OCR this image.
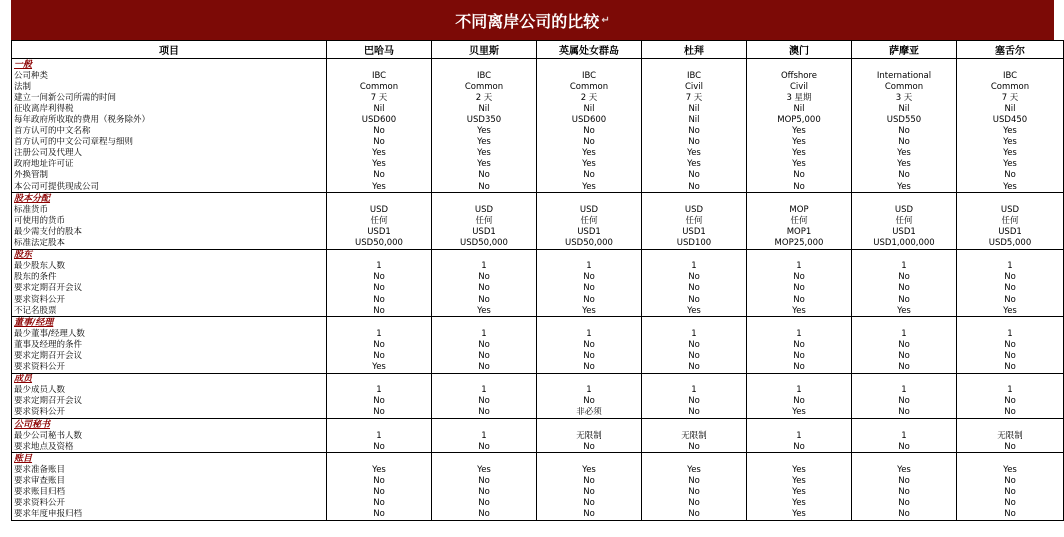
不同离岸公司的比较 ↵
项目	巴哈马	贝里斯	英属处女群岛	杜拜	澳门	萨摩亚	塞舌尔
一般							
公司种类	IBC	IBC	IBC	IBC	Offshore	International	IBC
法制	Common	Common	Common	Civil	Civil	Common	Common
建立一间新公司所需的时间	7 天	2 天	2 天	7 天	3 星期	3 天	7 天
征收离岸利得税	Nil	Nil	Nil	Nil	Nil	Nil	Nil
每年政府所收取的费用（税务除外）	USD600	USD350	USD600	Nil	MOP5,000	USD550	USD450
首方认可的中文名称	No	Yes	No	No	Yes	No	Yes
首方认可的中文公司章程与细则	No	Yes	No	No	Yes	No	Yes
注册公司及代理人	Yes	Yes	Yes	Yes	Yes	Yes	Yes
政府地址许可证	Yes	Yes	Yes	Yes	Yes	Yes	Yes
外换管制	No	No	No	No	No	No	No
本公司可提供现成公司	Yes	No	Yes	No	No	Yes	Yes
股本分配							
标准货币	USD	USD	USD	USD	MOP	USD	USD
可使用的货币	任何	任何	任何	任何	任何	任何	任何
最少需支付的股本	USD1	USD1	USD1	USD1	MOP1	USD1	USD1
标准法定股本	USD50,000	USD50,000	USD50,000	USD100	MOP25,000	USD1,000,000	USD5,000
股东							
最少股东人数	1	1	1	1	1	1	1
股东的条件	No	No	No	No	No	No	No
要求定期召开会议	No	No	No	No	No	No	No
要求资料公开	No	No	No	No	No	No	No
不记名股票	No	Yes	Yes	Yes	Yes	Yes	Yes
董事/经理							
最少董事/经理人数	1	1	1	1	1	1	1
董事及经理的条件	No	No	No	No	No	No	No
要求定期召开会议	No	No	No	No	No	No	No
要求资料公开	Yes	No	No	No	No	No	No
成员							
最少成员人数	1	1	1	1	1	1	1
要求定期召开会议	No	No	No	No	No	No	No
要求资料公开	No	No	非必须	No	Yes	No	No
公司秘书							
最少公司秘书人数	1	1	无限制	无限制	1	1	无限制
要求地点及资格	No	No	No	No	No	No	No
账目							
要求准备账目	Yes	Yes	Yes	Yes	Yes	Yes	Yes
要求审查账目	No	No	No	No	Yes	No	No
要求账目归档	No	No	No	No	Yes	No	No
要求资料公开	No	No	No	No	Yes	No	No
要求年度申报归档	No	No	No	No	Yes	No	No
